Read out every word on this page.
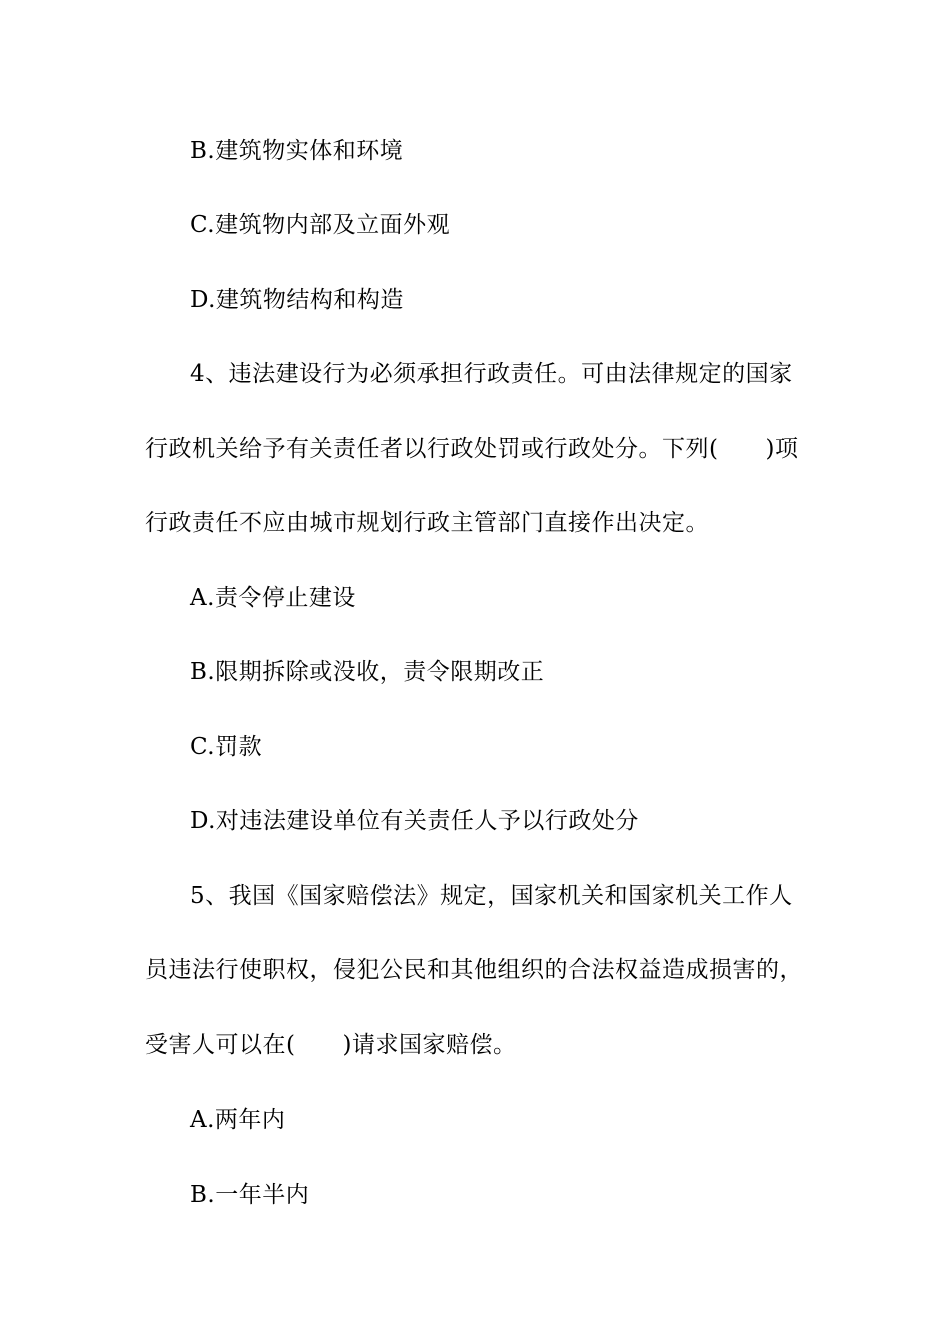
B.建筑物实体和环境
C.建筑物内部及立面外观
D.建筑物结构和构造
4、违法建设行为必须承担行政责任。可由法律规定的国家
行政机关给予有关责任者以行政处罚或行政处分。下列(　　)项
行政责任不应由城市规划行政主管部门直接作出决定。
A.责令停止建设
B.限期拆除或没收，责令限期改正
C.罚款
D.对违法建设单位有关责任人予以行政处分
5、我国《国家赔偿法》规定，国家机关和国家机关工作人
员违法行使职权，侵犯公民和其他组织的合法权益造成损害的，
受害人可以在(　　)请求国家赔偿。
A.两年内
B.一年半内
